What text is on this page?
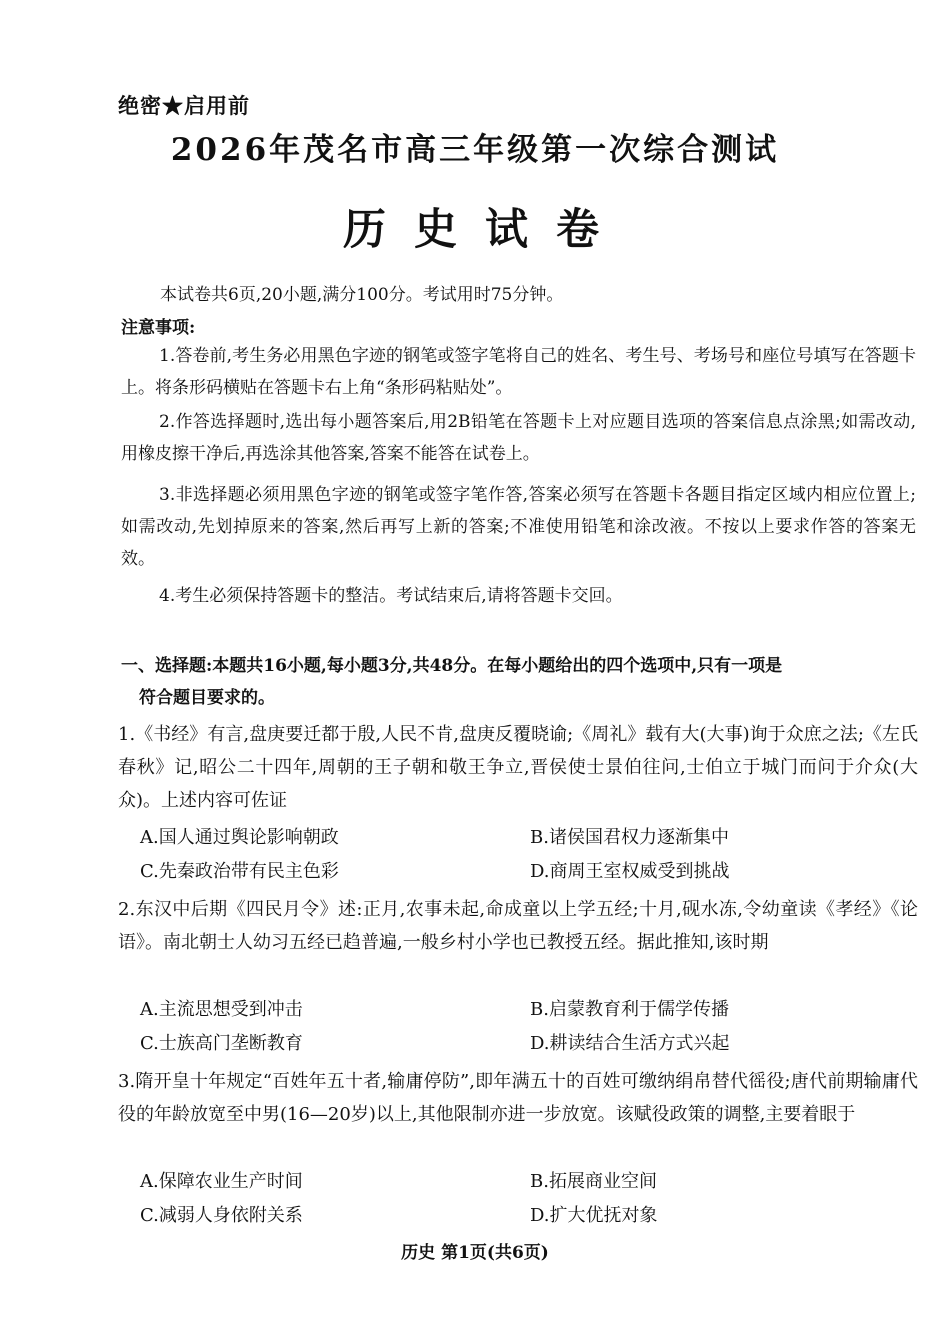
绝密★启用前
2026年茂名市高三年级第一次综合测试
历史试卷
本试卷共6页,20小题,满分100分。考试用时75分钟。
注意事项:
1.答卷前,考生务必用黑色字迹的钢笔或签字笔将自己的姓名、考生号、考场号和座位号填写在答题卡上。将条形码横贴在答题卡右上角“条形码粘贴处”。
2.作答选择题时,选出每小题答案后,用2B铅笔在答题卡上对应题目选项的答案信息点涂黑;如需改动,用橡皮擦干净后,再选涂其他答案,答案不能答在试卷上。
3.非选择题必须用黑色字迹的钢笔或签字笔作答,答案必须写在答题卡各题目指定区域内相应位置上;如需改动,先划掉原来的答案,然后再写上新的答案;不准使用铅笔和涂改液。不按以上要求作答的答案无效。
4.考生必须保持答题卡的整洁。考试结束后,请将答题卡交回。
一、选择题:本题共16小题,每小题3分,共48分。在每小题给出的四个选项中,只有一项是
符合题目要求的。
1.《书经》有言,盘庚要迁都于殷,人民不肯,盘庚反覆晓谕;《周礼》载有大(大事)询于众庶之法;《左氏春秋》记,昭公二十四年,周朝的王子朝和敬王争立,晋侯使士景伯往问,士伯立于城门而问于介众(大众)。上述内容可佐证
A.国人通过舆论影响朝政	B.诸侯国君权力逐渐集中
C.先秦政治带有民主色彩	D.商周王室权威受到挑战
2.东汉中后期《四民月令》述:正月,农事未起,命成童以上学五经;十月,砚水冻,令幼童读《孝经》《论语》。南北朝士人幼习五经已趋普遍,一般乡村小学也已教授五经。据此推知,该时期
A.主流思想受到冲击	B.启蒙教育利于儒学传播
C.士族高门垄断教育	D.耕读结合生活方式兴起
3.隋开皇十年规定“百姓年五十者,输庸停防”,即年满五十的百姓可缴纳绢帛替代徭役;唐代前期输庸代役的年龄放宽至中男(16—20岁)以上,其他限制亦进一步放宽。该赋役政策的调整,主要着眼于
A.保障农业生产时间	B.拓展商业空间
C.减弱人身依附关系	D.扩大优抚对象
历史 第1页(共6页)
